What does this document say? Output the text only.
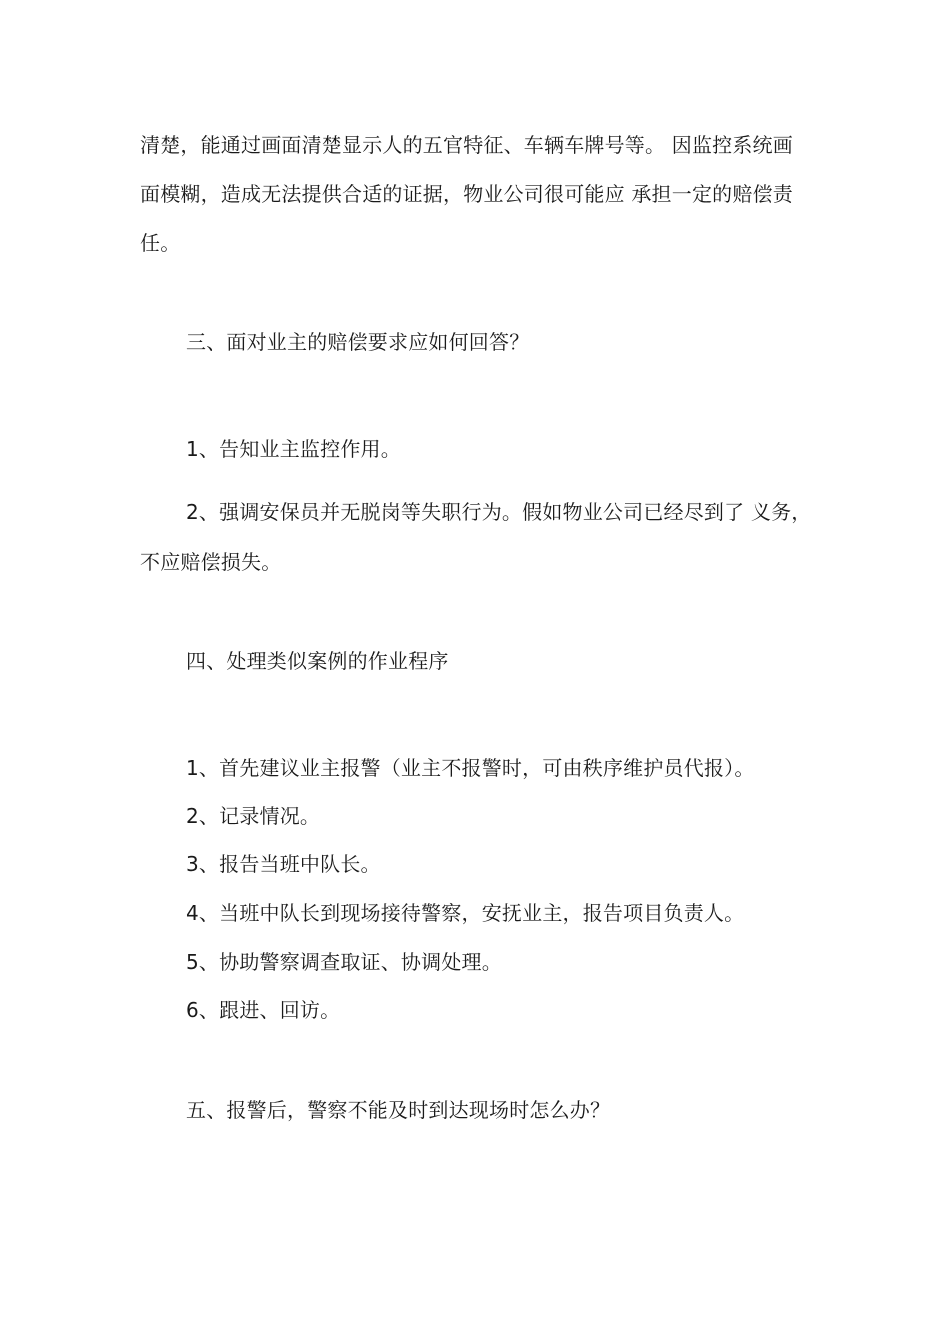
清楚，能通过画面清楚显示人的五官特征、车辆车牌号等。 因监控系统画
面模糊，造成无法提供合适的证据，物业公司很可能应 承担一定的赔偿责
任。
三、面对业主的赔偿要求应如何回答？
1、告知业主监控作用。
2、强调安保员并无脱岗等失职行为。假如物业公司已经尽到了 义务，
不应赔偿损失。
四、处理类似案例的作业程序
1、首先建议业主报警（业主不报警时，可由秩序维护员代报）。
2、记录情况。
3、报告当班中队长。
4、当班中队长到现场接待警察，安抚业主，报告项目负责人。
5、协助警察调查取证、协调处理。
6、跟进、回访。
五、报警后，警察不能及时到达现场时怎么办？
